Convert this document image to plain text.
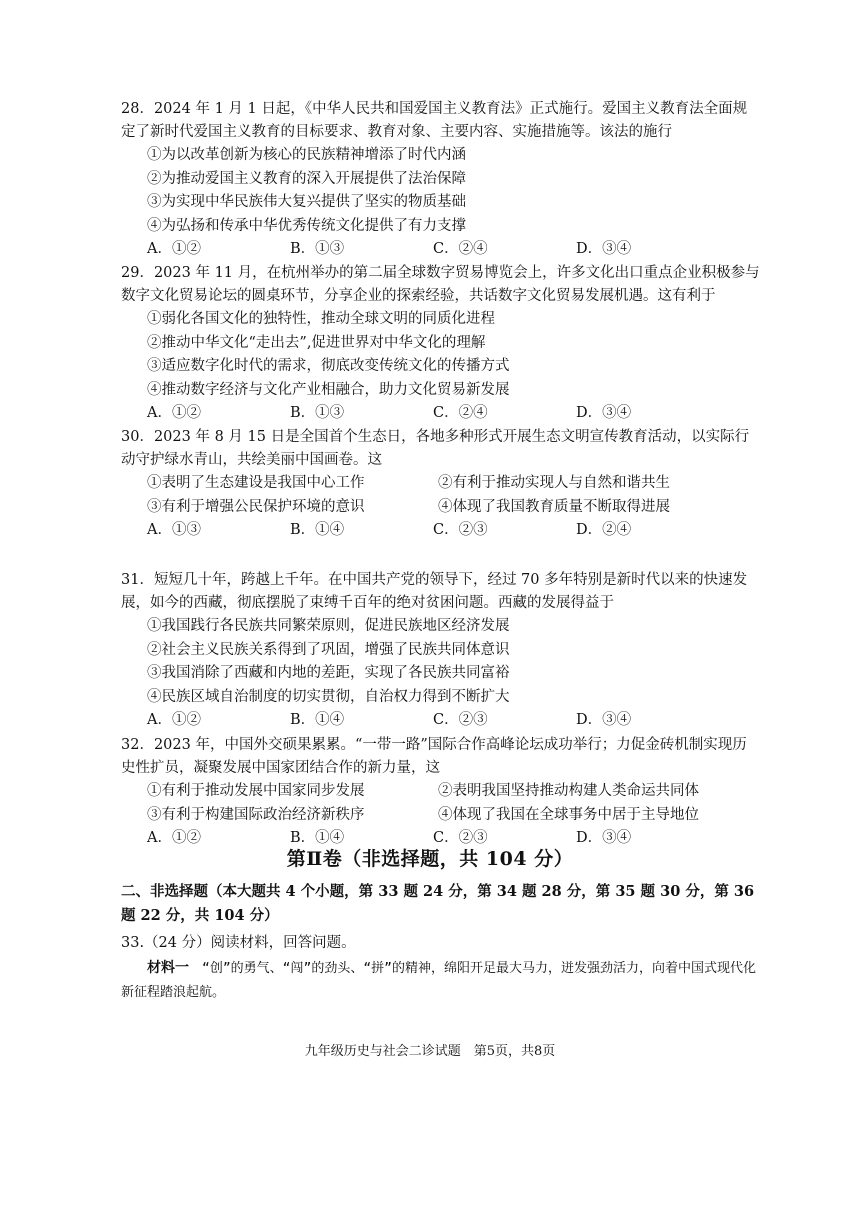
28．2024 年 1 月 1 日起，《中华人民共和国爱国主义教育法》正式施行。爱国主义教育法全面规定了新时代爱国主义教育的目标要求、教育对象、主要内容、实施措施等。该法的施行

①为以改革创新为核心的民族精神增添了时代内涵

②为推动爱国主义教育的深入开展提供了法治保障

③为实现中华民族伟大复兴提供了坚实的物质基础

④为弘扬和传承中华优秀传统文化提供了有力支撑

A．①②	B．①③	C．②④	D．③④

29．2023 年 11 月，在杭州举办的第二届全球数字贸易博览会上，许多文化出口重点企业积极参与数字文化贸易论坛的圆桌环节，分享企业的探索经验，共话数字文化贸易发展机遇。这有利于

①弱化各国文化的独特性，推动全球文明的同质化进程

②推动中华文化“走出去”,促进世界对中华文化的理解

③适应数字化时代的需求，彻底改变传统文化的传播方式

④推动数字经济与文化产业相融合，助力文化贸易新发展

A．①②	B．①③	C．②④	D．③④

30．2023 年 8 月 15 日是全国首个生态日，各地多种形式开展生态文明宣传教育活动，以实际行动守护绿水青山，共绘美丽中国画卷。这

①表明了生态建设是我国中心工作	②有利于推动实现人与自然和谐共生
③有利于增强公民保护环境的意识	④体现了我国教育质量不断取得进展
A．①③	B．①④	C．②③	D．②④

31．短短几十年，跨越上千年。在中国共产党的领导下，经过 70 多年特别是新时代以来的快速发展，如今的西藏，彻底摆脱了束缚千百年的绝对贫困问题。西藏的发展得益于

①我国践行各民族共同繁荣原则，促进民族地区经济发展

②社会主义民族关系得到了巩固，增强了民族共同体意识

③我国消除了西藏和内地的差距，实现了各民族共同富裕

④民族区域自治制度的切实贯彻，自治权力得到不断扩大

A．①②	B．①④	C．②③	D．③④

32．2023 年，中国外交硕果累累。“一带一路”国际合作高峰论坛成功举行；力促金砖机制实现历史性扩员，凝聚发展中国家团结合作的新力量，这

①有利于推动发展中国家同步发展	②表明我国坚持推动构建人类命运共同体
③有利于构建国际政治经济新秩序	④体现了我国在全球事务中居于主导地位
A．①②	B．①④	C．②③	D．③④
第Ⅱ卷（非选择题，共 104 分）
二、非选择题（本大题共 4 个小题，第 33 题 24 分，第 34 题 28 分，第 35 题 30 分，第 36 题 22 分，共 104 分）
33.（24 分）阅读材料，回答问题。
材料一　 “创”的勇气、“闯”的劲头、“拼”的精神，绵阳开足最大马力，迸发强劲活力，向着中国式现代化新征程踏浪起航。
九年级历史与社会二诊试题　第5页，共8页
